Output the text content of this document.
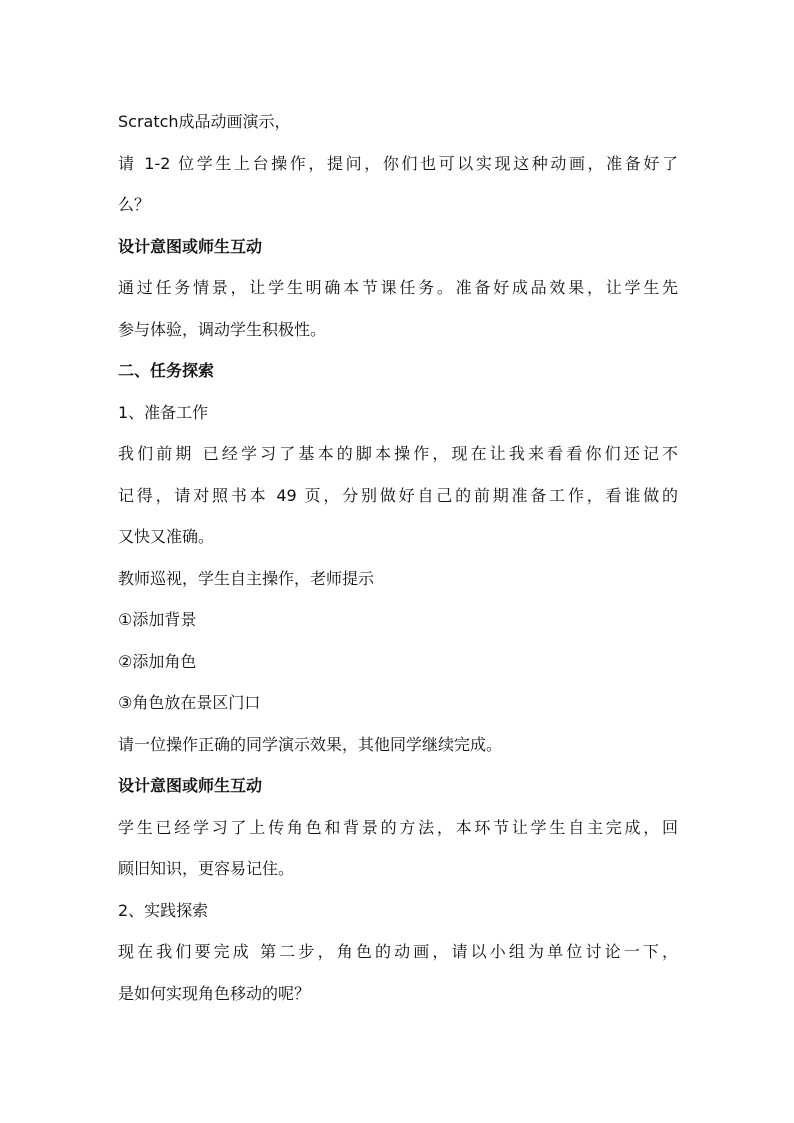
Scratch成品动画演示，
请 1-2 位学生上台操作，提问，你们也可以实现这种动画，准备好了
么？
设计意图或师生互动
通过任务情景，让学生明确本节课任务。准备好成品效果，让学生先
参与体验，调动学生积极性。
二、任务探索
1、准备工作
我们前期 已经学习了基本的脚本操作，现在让我来看看你们还记不
记得，请对照书本 49 页，分别做好自己的前期准备工作，看谁做的
又快又准确。
教师巡视，学生自主操作，老师提示
①添加背景
②添加角色
③角色放在景区门口
请一位操作正确的同学演示效果，其他同学继续完成。
设计意图或师生互动
学生已经学习了上传角色和背景的方法，本环节让学生自主完成，回
顾旧知识，更容易记住。
2、实践探索
现在我们要完成 第二步，角色的动画，请以小组为单位讨论一下，
是如何实现角色移动的呢？
